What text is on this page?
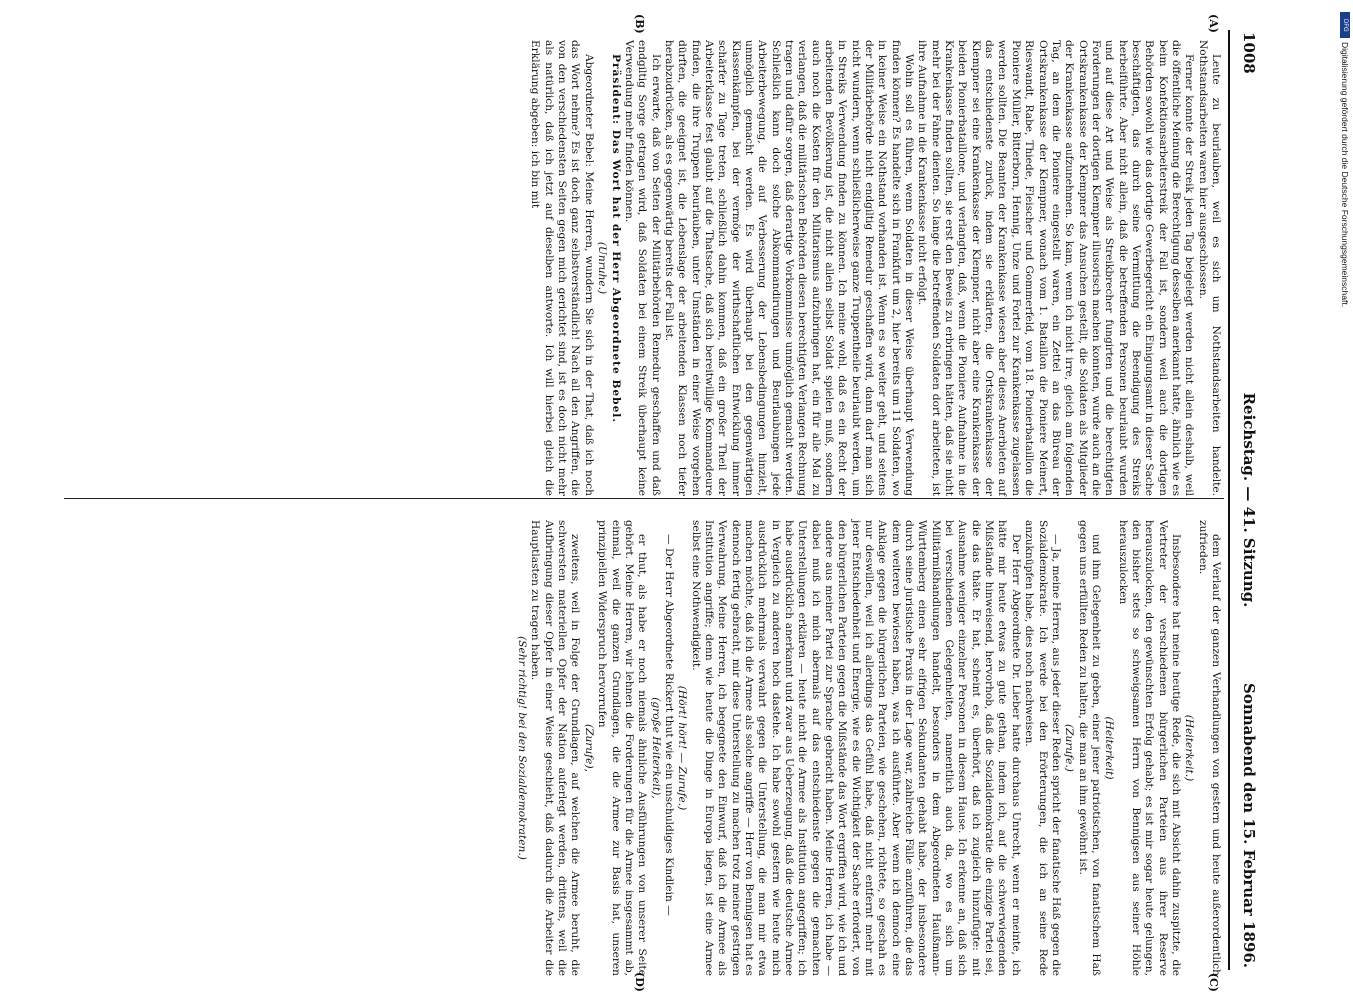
1008
Reichstag. — 41. Sitzung.
Sonnabend den 15. Februar 1896.
(A)
(B)
(C)
(D)

Leute zu beurlauben, weil es sich um Nothstandsarbeiten handelte. Nothstandsarbeiten waren hier ausgeschlossen.

Ferner konnte der Streik jeden Tag beigelegt werden nicht allein deshalb, weil die öffentliche Meinung die Berechtigung desselben anerkannt hatte, ähnlich wie es beim Konfektionsarbeiterstreik der Fall ist, sondern weil auch die dortigen Behörden sowohl wie das dortige Gewerbegericht ein Einigungsamt in dieser Sache beschäftigten, das durch seine Vermittlung die Beendigung des Streiks herbeiführte. Aber nicht allein, daß die betreffenden Personen beurlaubt wurden und auf diese Art und Weise als Streikbrecher fungirten und die berechtigten Forderungen der dortigen Klempner illusorisch machen konnten, wurde auch an die Ortskrankenkasse der Klempner das Ansuchen gestellt, die Soldaten als Mitglieder der Krankenkasse aufzunehmen. So kam, wenn ich nicht irre, gleich am folgenden Tag, an dem die Pioniere eingestellt waren, ein Zettel an das Büreau der Ortskrankenkasse der Klempner, wonach vom 1. Bataillon die Pioniere Meinert, Rieswandt, Rabe, Thiede, Fleischer und Gommerfeld, vom 18. Pionierbataillon die Pioniere Müller, Bitterborn, Hennig, Unze und Fortel zur Krankenkasse zugelassen werden sollten. Die Beamten der Krankenkasse wiesen aber dieses Anerbieten auf das entschiedenste zurück, indem sie erklärten, die Ortskrankenkasse der Klempner sei eine Krankenkasse der Klempner, nicht aber eine Krankenkasse der beiden Pionierbataillone, und verlangten, daß, wenn die Pioniere Aufnahme in die Krankenkasse finden sollten, sie erst den Beweis zu erbringen hätten, daß sie nicht mehr bei der Fahne dienten. So lange die betreffenden Soldaten dort arbeiteten, ist ihre Aufnahme in die Krankenkasse nicht erfolgt.

Wohin soll es führen, wenn Soldaten in dieser Weise überhaupt Verwendung finden können? Es handelte sich in Frankfurt um 2, hier bereits um 11 Soldaten, wo in keiner Weise ein Nothstand vorhanden ist. Wenn es so weiter geht, und seitens der Militärbehörde nicht endgiltig Remedur geschaffen wird, dann darf man sich nicht wundern, wenn schließlicherweise ganze Truppentheile beurlaubt werden, um in Streiks Verwendung finden zu können. Ich meine wohl, daß es ein Recht der arbeitenden Bevölkerung ist, die nicht allein selbst Soldat spielen muß, sondern auch noch die Kosten für den Militarismus aufzubringen hat, ein für alle Mal zu verlangen, daß die militärischen Behörden diesen berechtigten Verlangen Rechnung tragen und dafür sorgen, daß derartige Vorkommnisse unmöglich gemacht werden. Schließlich kann doch solche Abkommandirungen und Beurlaubungen jede Arbeiterbewegung, die auf Verbesserung der Lebensbedingungen hinzielt, unmöglich gemacht werden. Es wird überhaupt bei den gegenwärtigen Klassenkämpfen, bei der vermöge der wirthschaftlichen Entwicklung immer schärfer zu Tage treten, schließlich dahin kommen, daß ein großer Theil der Arbeiterklasse fest glaubt auf die Thatsache, daß sich bereitwillige Kommandeure finden, die ihre Truppen beurlauben, unter Umständen in einer Weise vorgehen dürften, die geeignet ist, die Lebenslage der arbeitenden Klassen noch tiefer herabzudrücken, als es gegenwärtig bereits der Fall ist.

Ich erwarte, daß von Seiten der Militärbehörden Remedur geschaffen und daß endgiltig Sorge getragen wird, daß Soldaten bei einem Streik überhaupt keine Verwendung mehr finden können.

Präsident: Das Wort hat der Herr Abgeordnete Bebel.

(Unruhe.)

Abgeordneter Bebel: Meine Herren, wundern Sie sich in der That, daß ich noch das Wort nehme? Es ist doch ganz selbstverständlich! Nach all den Angriffen, die von den verschiedensten Seiten gegen mich gerichtet sind, ist es doch nicht mehr als natürlich, daß ich jetzt auf dieselben antworte. Ich will hierbei gleich die Erklärung abgeben: ich bin mit

dem Verlauf der ganzen Verhandlungen von gestern und heute außerordentlich zufrieden.

(Heiterkeit.)

Insbesondere hat meine heutige Rede, die sich mit Absicht dahin zuspitzte, die Vertreter der verschiedenen bürgerlichen Parteien aus ihrer Reserve herauszulocken, den gewünschten Erfolg gehabt; es ist mir sogar heute gelungen, den bisher stets so schweigsamen Herrn von Bennigsen aus seiner Höhle herauszulocken

(Heiterkeit)

und ihm Gelegenheit zu geben, einer jener patriotischen, von fanatischem Haß gegen uns erfüllten Reden zu halten, die man an ihm gewöhnt ist.

(Zurufe.)

— Ja, meine Herren, aus jeder dieser Reden spricht der fanatische Haß gegen die Sozialdemokratie. Ich werde bei den Erörterungen, die ich an seine Rede anzuknüpfen habe, dies noch nachweisen.

Der Herr Abgeordnete Dr. Lieber hatte durchaus Unrecht, wenn er meinte, ich hätte mir heute etwas zu gute gethan, indem ich, auf die schwerwiegenden Mißstände hinweisend, hervorhob, daß die Sozialdemokratie die einzige Partei sei, die das thäte. Er hat, scheint es, überhört, daß ich zugleich hinzufügte: mit Ausnahme weniger einzelner Personen in diesem Hause. Ich erkenne an, daß sich bei verschiedenen Gelegenheiten, namentlich auch da, wo es sich um Militärmißhandlungen handelt, besonders in dem Abgeordneten Haußmann-Württemberg einen sehr eifrigen Sekundanten gehabt habe, der insbesondere durch seine juristische Praxis in der Lage war, zahlreiche Fälle anzuführen, die das dem weiteren bewiesen haben, was ich ausführte. Aber wenn ich dennoch eine Anklage gegen die bürgerlichen Parteien, wie geschehen, richtete, so geschah es nur deswillen, weil ich allerdings das Gefühl habe, daß nicht entfernt mehr mit jener Entschiedenheit und Energie, wie es die Wichtigkeit der Sache erfordert, von den bürgerlichen Parteien gegen die Mißstände das Wort ergriffen wird, wie ich und andere aus meiner Partei zur Sprache gebracht haben. Meine Herren, ich habe — dabei muß ich mich abermals auf das entschiedenste gegen die gemachten Unterstellungen erklären — heute nicht die Armee als Institution angegriffen; ich habe ausdrücklich anerkannt und zwar aus Ueberzeugung, daß die deutsche Armee in Vergleich zu anderen hoch dastehe. Ich habe sowohl gestern wie heute mich ausdrücklich mehrmals verwahrt gegen die Unterstellung, die man mir etwa machen möchte, daß ich die Armee als solche angriffe — Herr von Bennigsen hat es dennoch fertig gebracht, mir diese Unterstellung zu machen trotz meiner gestrigen Verwahrung. Meine Herren, ich begegnete den Einwurf, daß ich die Armee als Institution angriffe; denn wie heute die Dinge in Europa liegen, ist eine Armee selbst eine Nothwendigkeit.

(Hört! hört! — Zurufe.)

— Der Herr Abgeordnete Rickert thut wie ein unschuldiges Kindlein —

(große Heiterkeit),

er thut, als habe er noch niemals ähnliche Ausführungen von unserer Seite gehört. Meine Herren, wir lehnen die Forderungen für die Armee insgesammt ab, einmal, weil die ganzen Grundlagen, die die Armee zur Basis hat, unseren prinzipiellen Widerspruch hervorrufen

(Zurufe),

zweitens, weil in Folge der Grundlagen, auf welchen die Armee beruht, die schwersten materiellen Opfer der Nation auferlegt werden, drittens, weil die Aufbringung dieser Opfer in einer Weise geschieht, daß dadurch die Arbeiter die Hauptlasten zu tragen haben.

(Sehr richtig! bei den Sozialdemokraten.)

DFG
Digitalisierung gefördert durch die Deutsche Forschungsgemeinschaft.
